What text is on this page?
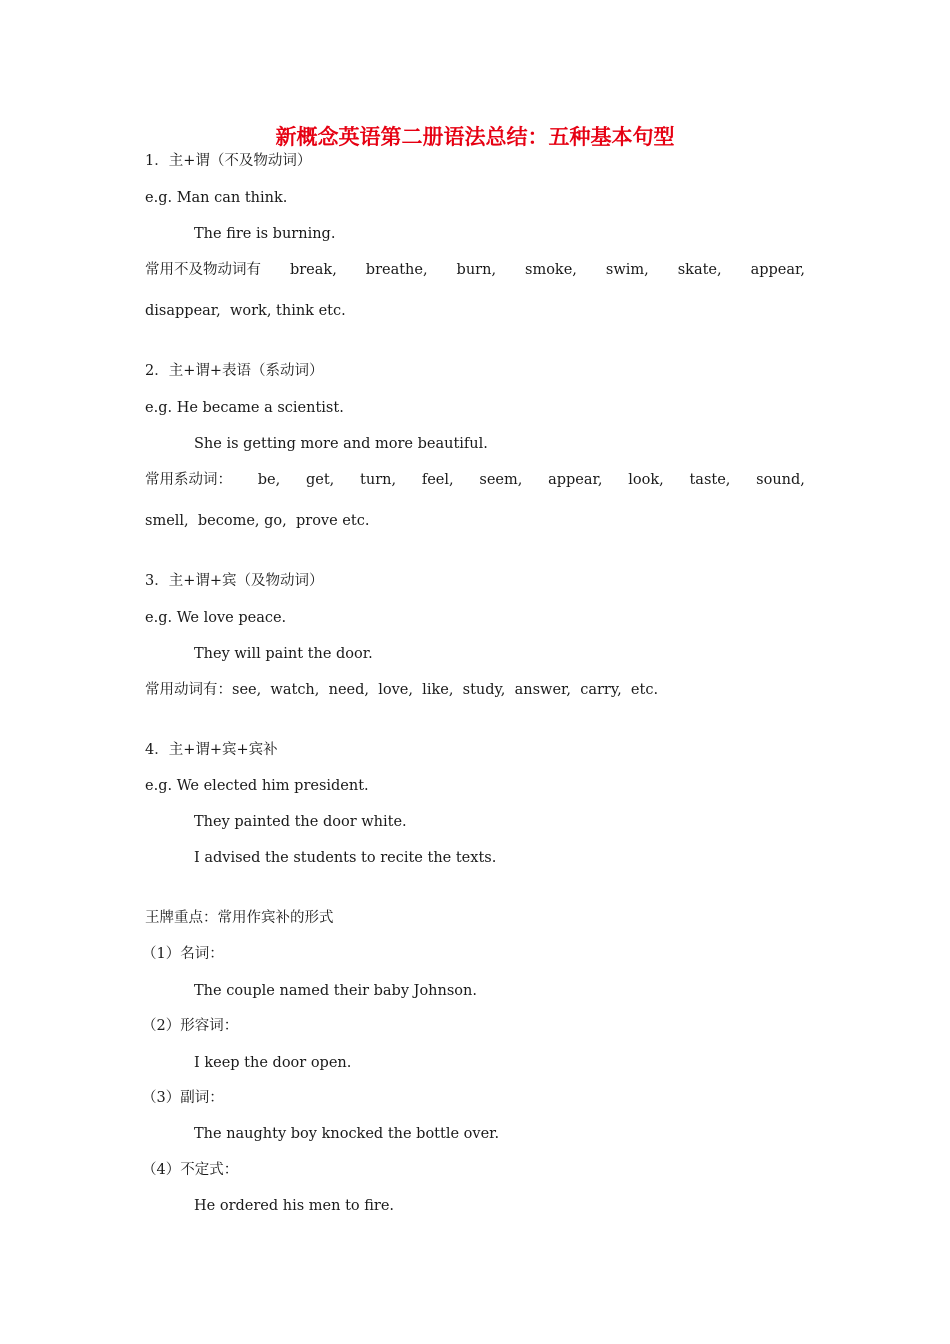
新概念英语第二册语法总结：五种基本句型
1．主+谓（不及物动词）
e.g. Man can think.
The fire is burning.
常用不及物动词有 break, breathe, burn, smoke, swim, skate, appear,
disappear,  work, think etc.
2．主+谓+表语（系动词）
e.g. He became a scientist.
She is getting more and more beautiful.
常用系动词： be, get, turn, feel, seem, appear, look, taste, sound,
smell,  become, go,  prove etc.
3．主+谓+宾（及物动词）
e.g. We love peace.
They will paint the door.
常用动词有：see,  watch,  need,  love,  like,  study,  answer,  carry,  etc.
4．主+谓+宾+宾补
e.g. We elected him president.
They painted the door white.
I advised the students to recite the texts.
王牌重点：常用作宾补的形式
（1）名词：
The couple named their baby Johnson.
（2）形容词：
I keep the door open.
（3）副词：
The naughty boy knocked the bottle over.
（4）不定式：
He ordered his men to fire.
